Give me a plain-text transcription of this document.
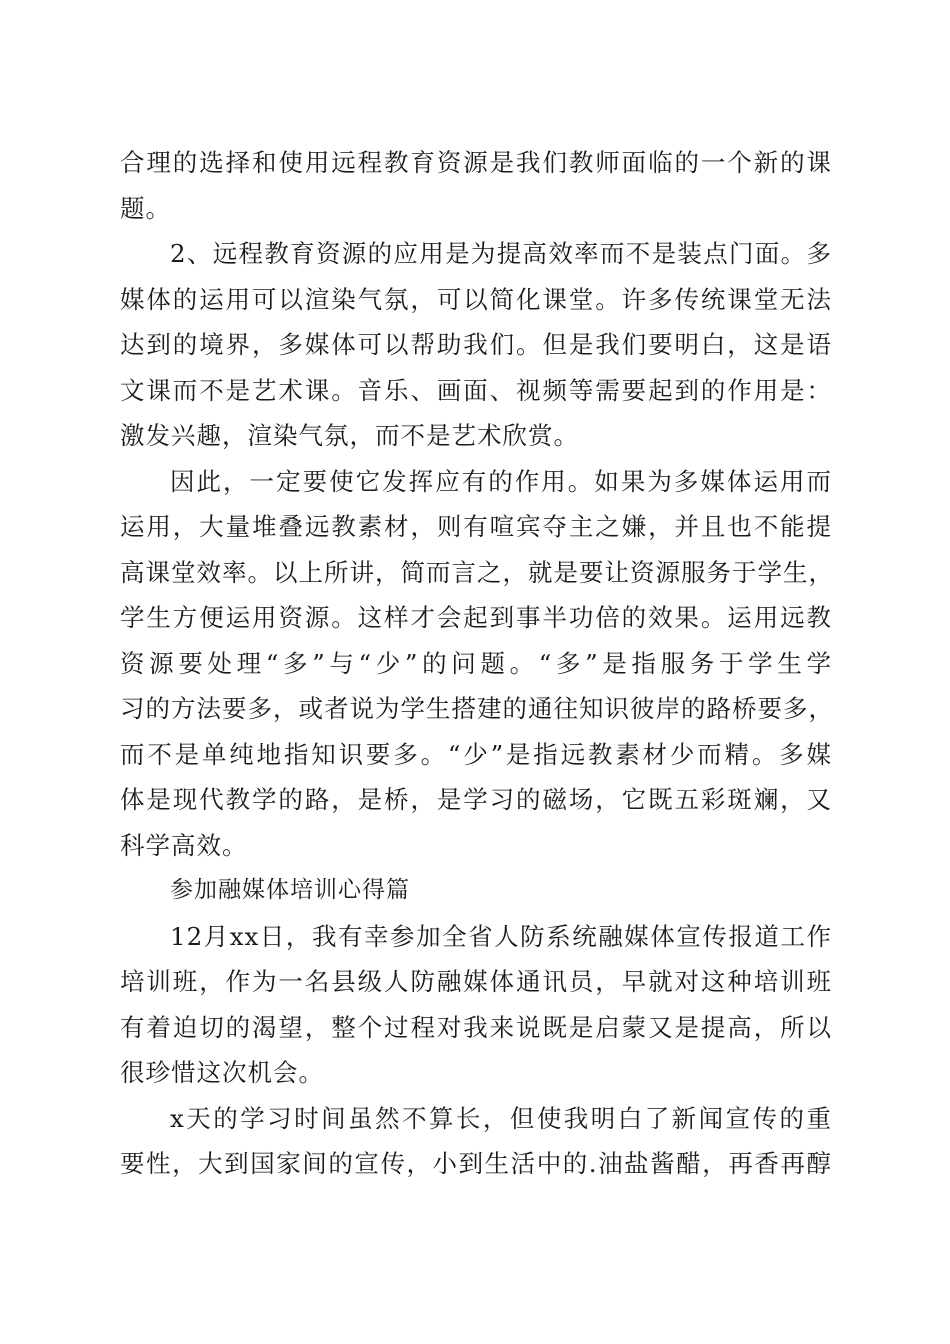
合理的选择和使用远程教育资源是我们教师面临的一个新的课
题。
2、远程教育资源的应用是为提高效率而不是装点门面。多
媒体的运用可以渲染气氛，可以简化课堂。许多传统课堂无法
达到的境界，多媒体可以帮助我们。但是我们要明白，这是语
文课而不是艺术课。音乐、画面、视频等需要起到的作用是：
激发兴趣，渲染气氛，而不是艺术欣赏。
因此，一定要使它发挥应有的作用。如果为多媒体运用而
运用，大量堆叠远教素材，则有喧宾夺主之嫌，并且也不能提
高课堂效率。以上所讲，简而言之，就是要让资源服务于学生，
学生方便运用资源。这样才会起到事半功倍的效果。运用远教
资源要处理“多”与“少”的问题。“多”是指服务于学生学
习的方法要多，或者说为学生搭建的通往知识彼岸的路桥要多，
而不是单纯地指知识要多。“少”是指远教素材少而精。多媒
体是现代教学的路，是桥，是学习的磁场，它既五彩斑斓，又
科学高效。
参加融媒体培训心得篇
12月xx日，我有幸参加全省人防系统融媒体宣传报道工作
培训班，作为一名县级人防融媒体通讯员，早就对这种培训班
有着迫切的渴望，整个过程对我来说既是启蒙又是提高，所以
很珍惜这次机会。
x天的学习时间虽然不算长，但使我明白了新闻宣传的重
要性，大到国家间的宣传，小到生活中的.油盐酱醋，再香再醇
